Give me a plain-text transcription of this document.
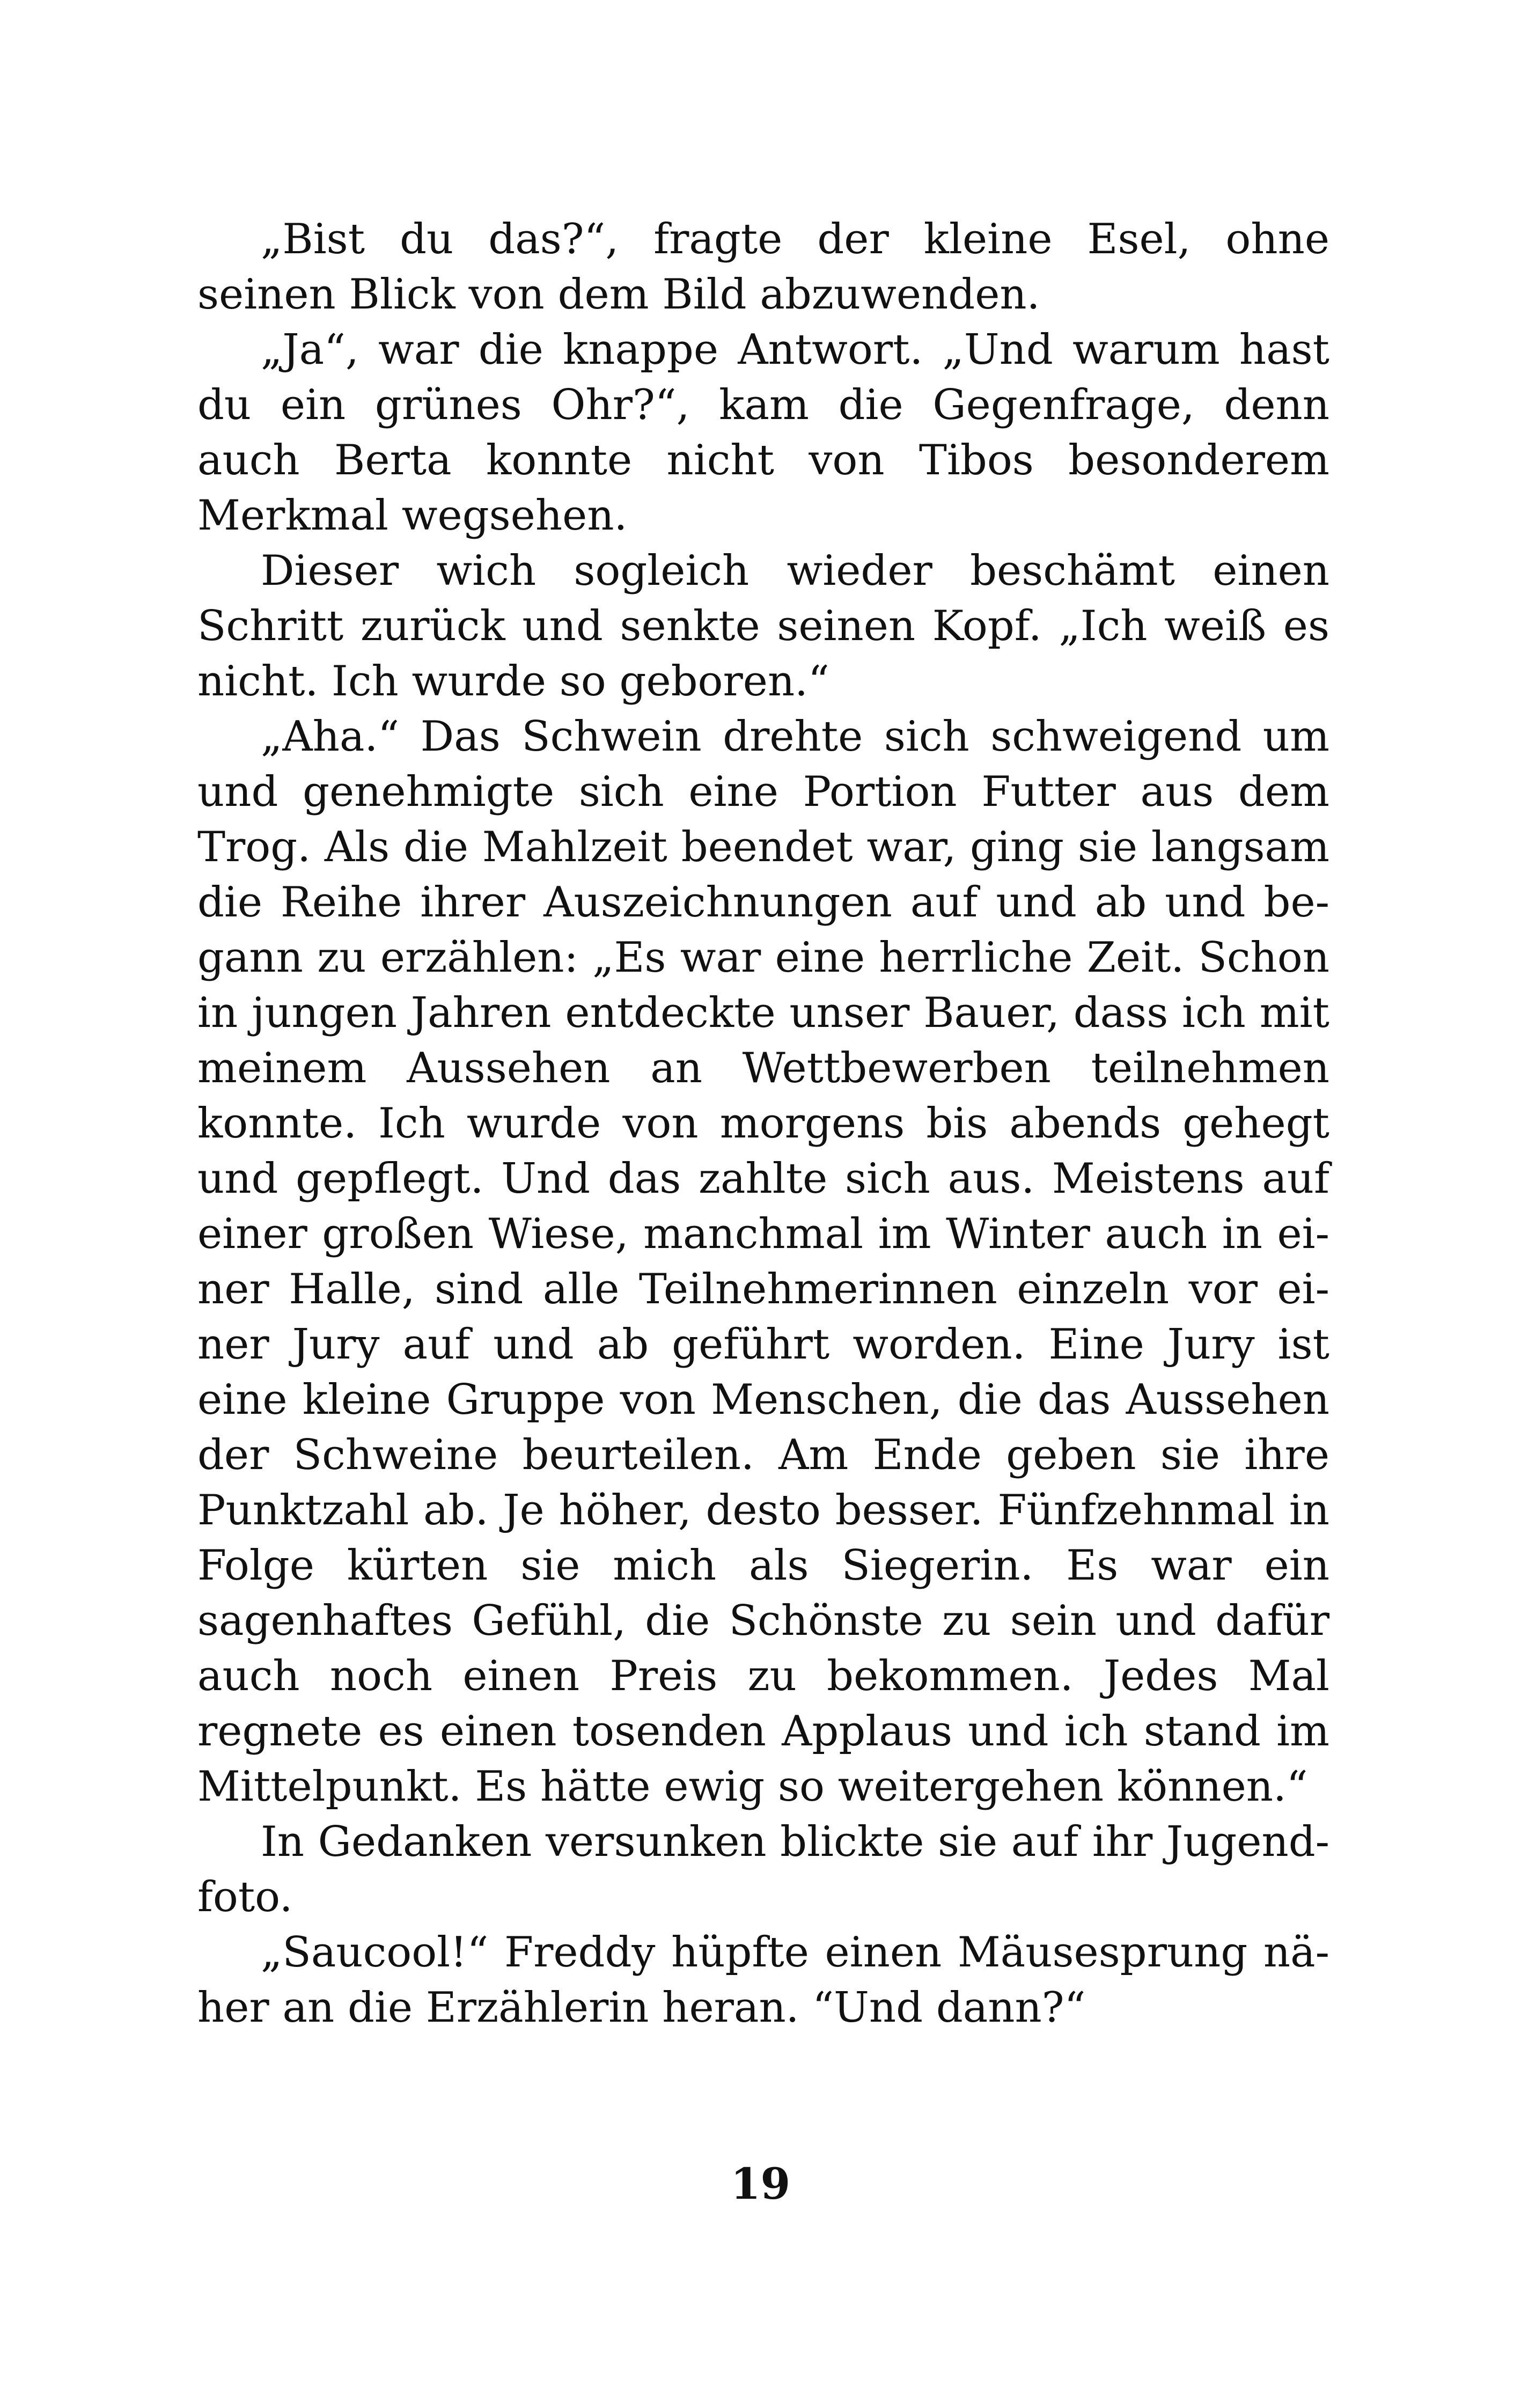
„Bist du das?“, fragte der kleine Esel, ohne seinen Blick von dem Bild abzuwenden.

„Ja“, war die knappe Antwort. „Und warum hast du ein grünes Ohr?“, kam die Gegenfrage, denn auch Berta konnte nicht von Tibos besonderem Merkmal wegsehen.

Dieser wich sogleich wieder beschämt einen Schritt zurück und senkte seinen Kopf. „Ich weiß es nicht. Ich wurde so geboren.“

„Aha.“ Das Schwein drehte sich schweigend um und genehmigte sich eine Portion Futter aus dem Trog. Als die Mahlzeit beendet war, ging sie langsam die Reihe ihrer Auszeichnungen auf und ab und begann zu erzählen: „Es war eine herrliche Zeit. Schon in jungen Jahren entdeckte unser Bauer, dass ich mit meinem Aussehen an Wettbewerben teilnehmen konnte. Ich wurde von morgens bis abends gehegt und gepflegt. Und das zahlte sich aus. Meistens auf einer großen Wiese, manchmal im Winter auch in einer Halle, sind alle Teilnehmerinnen einzeln vor einer Jury auf und ab geführt worden. Eine Jury ist eine kleine Gruppe von Menschen, die das Aussehen der Schweine beurteilen. Am Ende geben sie ihre Punktzahl ab. Je höher, desto besser. Fünfzehnmal in Folge kürten sie mich als Siegerin. Es war ein sagenhaftes Gefühl, die Schönste zu sein und dafür auch noch einen Preis zu bekommen. Jedes Mal regnete es einen tosenden Applaus und ich stand im Mittelpunkt. Es hätte ewig so weitergehen können.“

In Gedanken versunken blickte sie auf ihr Jugendfoto.

„Saucool!“ Freddy hüpfte einen Mäusesprung näher an die Erzählerin heran. “Und dann?“

19
